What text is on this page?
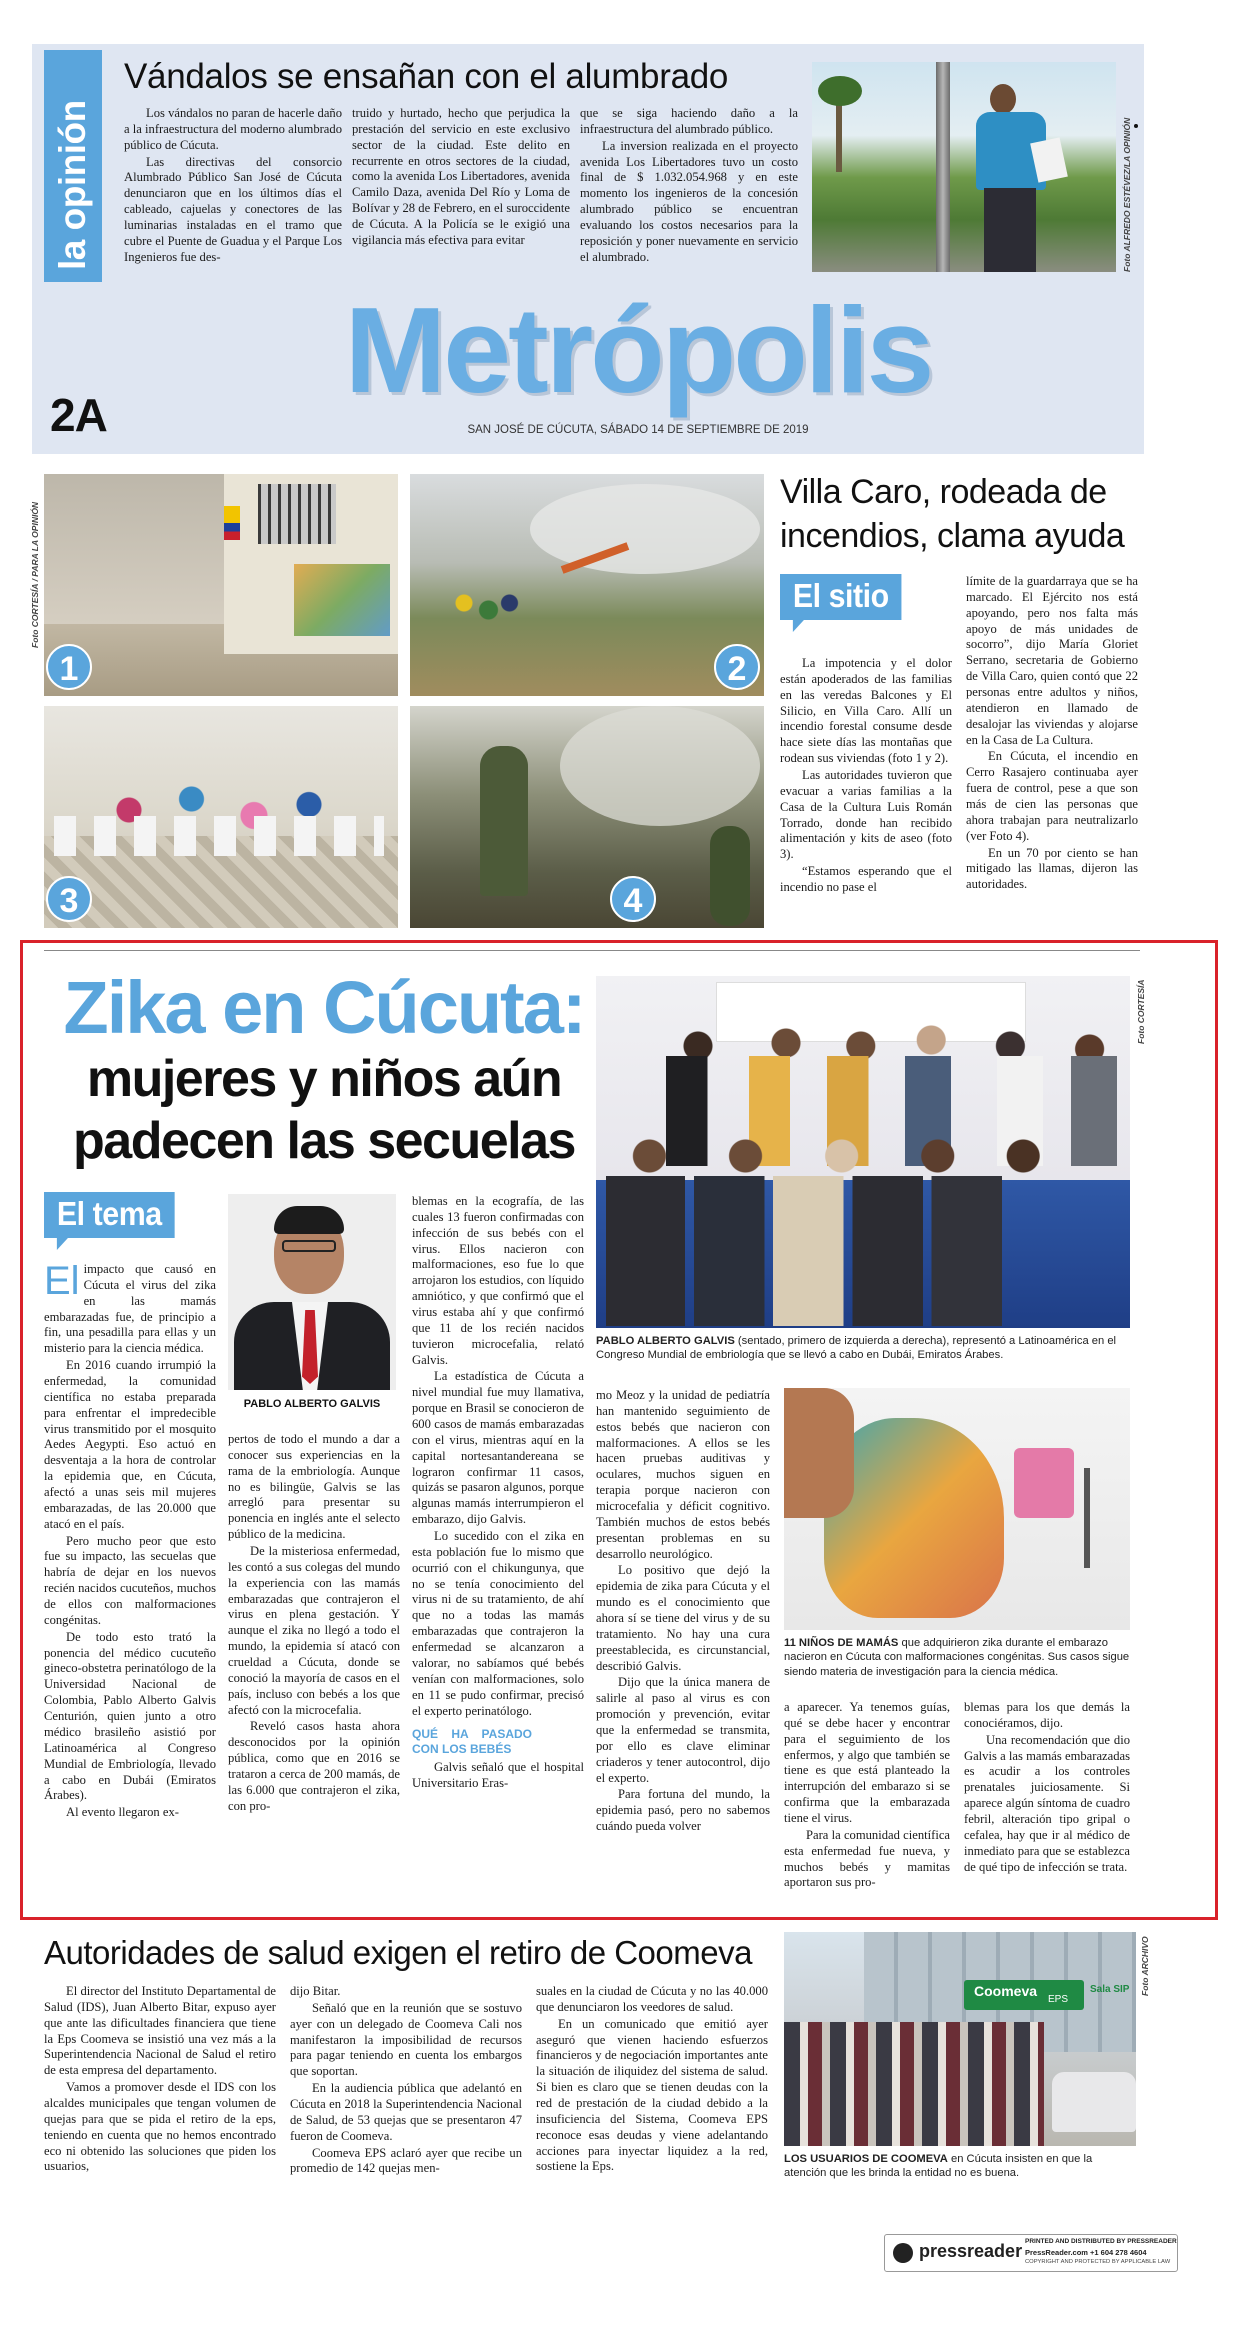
la opinión
Vándalos se ensañan con el alumbrado

Los vándalos no paran de hacerle daño a la infraestructura del moderno alumbrado público de Cúcuta.

Las directivas del consorcio Alumbrado Público San José de Cúcuta denunciaron que en los últimos días el cableado, cajuelas y conectores de las luminarias instaladas en el tramo que cubre el Puente de Guadua y el Parque Los Ingenieros fue des-

truido y hurtado, hecho que perjudica la prestación del servicio en este exclusivo sector de la ciudad. Este delito en recurrente en otros sectores de la ciudad, como la avenida Los Libertadores, avenida Camilo Daza, avenida Del Río y Loma de Bolívar y 28 de Febrero, en el suroccidente de Cúcuta. A la Policía se le exigió una vigilancia más efectiva para evitar

que se siga haciendo daño a la infraestructura del alumbrado público.

La inversion realizada en el proyecto avenida Los Libertadores tuvo un costo final de $ 1.032.054.968 y en este momento los ingenieros de la concesión alumbrado público se encuentran evaluando los costos necesarios para la reposición y poner nuevamente en servicio el alumbrado.	Foto ALFREDO ESTÉVEZ/LA OPINIÓN
2A Metrópolis
SAN JOSÉ DE CÚCUTA, SÁBADO 14 DE SEPTIEMBRE DE 2019
Foto CORTESÍA / PARA LA OPINIÓN
1	2
3	4
Villa Caro, rodeada de incendios, clama ayuda
El sitio

La impotencia y el dolor están apoderados de las familias en las veredas Balcones y El Silicio, en Villa Caro. Allí un incendio forestal consume desde hace siete días las montañas que rodean sus viviendas (foto 1 y 2).

Las autoridades tuvieron que evacuar a varias familias a la Casa de la Cultura Luis Román Torrado, donde han recibido alimentación y kits de aseo (foto 3).

“Estamos esperando que el incendio no pase el

límite de la guardarraya que se ha marcado. El Ejército nos está apoyando, pero nos falta más apoyo de más unidades de socorro”, dijo María Gloriet Serrano, secretaria de Gobierno de Villa Caro, quien contó que 22 personas entre adultos y niños, atendieron en llamado de desalojar las viviendas y alojarse en la Casa de La Cultura.

En Cúcuta, el incendio en Cerro Rasajero continuaba ayer fuera de control, pese a que son más de cien las personas que ahora trabajan para neutralizarlo (ver Foto 4).

En un 70 por ciento se han mitigado las llamas, dijeron las autoridades.

Zika en Cúcuta:
mujeres y niños aún
padecen las secuelas
Foto CORTESÍA
PABLO ALBERTO GALVIS (sentado, primero de izquierda a derecha), representó a Latinoamérica en el Congreso Mundial de embriología que se llevó a cabo en Dubái, Emiratos Árabes.
El tema
PABLO ALBERTO GALVIS

El impacto que causó en Cúcuta el virus del zika en las mamás embarazadas fue, de principio a fin, una pesadilla para ellas y un misterio para la ciencia médica.

En 2016 cuando irrumpió la enfermedad, la comunidad científica no estaba preparada para enfrentar el impredecible virus transmitido por el mosquito Aedes Aegypti. Eso actuó en desventaja a la hora de controlar la epidemia que, en Cúcuta, afectó a unas seis mil mujeres embarazadas, de las 20.000 que atacó en el país.

Pero mucho peor que esto fue su impacto, las secuelas que habría de dejar en los nuevos recién nacidos cucuteños, muchos de ellos con malformaciones congénitas.

De todo esto trató la ponencia del médico cucuteño gineco-obstetra perinatólogo de la Universidad Nacional de Colombia, Pablo Alberto Galvis Centurión, quien junto a otro médico brasileño asistió por Latinoamérica al Congreso Mundial de Embriología, llevado a cabo en Dubái (Emiratos Árabes).

Al evento llegaron ex-

pertos de todo el mundo a dar a conocer sus experiencias en la rama de la embriología. Aunque no es bilingüe, Galvis se las arregló para presentar su ponencia en inglés ante el selecto público de la medicina.

De la misteriosa enfermedad, les contó a sus colegas del mundo la experiencia con las mamás embarazadas que contrajeron el virus en plena gestación. Y aunque el zika no llegó a todo el mundo, la epidemia sí atacó con crueldad a Cúcuta, donde se conoció la mayoría de casos en el país, incluso con bebés a los que afectó con la microcefalia.

Reveló casos hasta ahora desconocidos por la opinión pública, como que en 2016 se trataron a cerca de 200 mamás, de las 6.000 que contrajeron el zika, con pro-

blemas en la ecografía, de las cuales 13 fueron confirmadas con infección de sus bebés con el virus. Ellos nacieron con malformaciones, eso fue lo que arrojaron los estudios, con líquido amniótico, y que confirmó que el virus estaba ahí y que confirmó que 11 de los recién nacidos tuvieron microcefalia, relató Galvis.

La estadística de Cúcuta a nivel mundial fue muy llamativa, porque en Brasil se conocieron de 600 casos de mamás embarazadas con el virus, mientras aquí en la capital nortesantandereana se lograron confirmar 11 casos, quizás se pasaron algunos, porque algunas mamás interrumpieron el embarazo, dijo Galvis.

Lo sucedido con el zika en esta población fue lo mismo que ocurrió con el chikungunya, que no se tenía conocimiento del virus ni de su tratamiento, de ahí que no a todas las mamás embarazadas que contrajeron la enfermedad se alcanzaron a valorar, no sabíamos qué bebés venían con malformaciones, solo en 11 se pudo confirmar, precisó el experto perinatólogo.

QUÉ HA PASADO CON LOS BEBÉS

Galvis señaló que el hospital Universitario Eras-

11 NIÑOS DE MAMÁS que adquirieron zika durante el embarazo nacieron en Cúcuta con malformaciones congénitas. Sus casos sigue siendo materia de investigación para la ciencia médica.

mo Meoz y la unidad de pediatría han mantenido seguimiento de estos bebés que nacieron con malformaciones. A ellos se les hacen pruebas auditivas y oculares, muchos siguen en terapia porque nacieron con microcefalia y déficit cognitivo. También muchos de estos bebés presentan problemas en su desarrollo neurológico.

Lo positivo que dejó la epidemia de zika para Cúcuta y el mundo es el conocimiento que ahora sí se tiene del virus y de su tratamiento. No hay una cura preestablecida, es circunstancial, describió Galvis.

Dijo que la única manera de salirle al paso al virus es con promoción y prevención, evitar que la enfermedad se transmita, por ello es clave eliminar criaderos y tener autocontrol, dijo el experto.

Para fortuna del mundo, la epidemia pasó, pero no sabemos cuándo pueda volver

a aparecer. Ya tenemos guías, qué se debe hacer y encontrar para el seguimiento de los enfermos, y algo que también se tiene es que está planteado la interrupción del embarazo si se confirma que la embarazada tiene el virus.

Para la comunidad científica esta enfermedad fue nueva, y muchos bebés y mamitas aportaron sus pro-

blemas para los que demás la conociéramos, dijo.

Una recomendación que dio Galvis a las mamás embarazadas es acudir a los controles prenatales juiciosamente. Si aparece algún síntoma de cuadro febril, alteración tipo gripal o cefalea, hay que ir al médico de inmediato para que se establezca de qué tipo de infección se trata.

Autoridades de salud exigen el retiro de Coomeva

El director del Instituto Departamental de Salud (IDS), Juan Alberto Bitar, expuso ayer que ante las dificultades financiera que tiene la Eps Coomeva se insistió una vez más a la Superintendencia Nacional de Salud el retiro de esta empresa del departamento.

Vamos a promover desde el IDS con los alcaldes municipales que tengan volumen de quejas para que se pida el retiro de la eps, teniendo en cuenta que no hemos encontrado eco ni obtenido las soluciones que piden los usuarios,

dijo Bitar.

Señaló que en la reunión que se sostuvo ayer con un delegado de Coomeva Cali nos manifestaron la imposibilidad de recursos para pagar teniendo en cuenta los embargos que soportan.

En la audiencia pública que adelantó en Cúcuta en 2018 la Superintendencia Nacional de Salud, de 53 quejas que se presentaron 47 fueron de Coomeva.

Coomeva EPS aclaró ayer que recibe un promedio de 142 quejas men-

suales en la ciudad de Cúcuta y no las 40.000 que denunciaron los veedores de salud.

En un comunicado que emitió ayer aseguró que vienen haciendo esfuerzos financieros y de negociación importantes ante la situación de iliquidez del sistema de salud. Si bien es claro que se tienen deudas con la red de prestación de la ciudad debido a la insuficiencia del Sistema, Coomeva EPS reconoce esas deudas y viene adelantando acciones para inyectar liquidez a la red, sostiene la Eps.

Coomeva
EPS
Sala SIP Foto ARCHIVO
LOS USUARIOS DE COOMEVA en Cúcuta insisten en que la atención que les brinda la entidad no es buena.
pressreader PRINTED AND DISTRIBUTED BY PRESSREADER
PressReader.com +1 604 278 4604
COPYRIGHT AND PROTECTED BY APPLICABLE LAW
